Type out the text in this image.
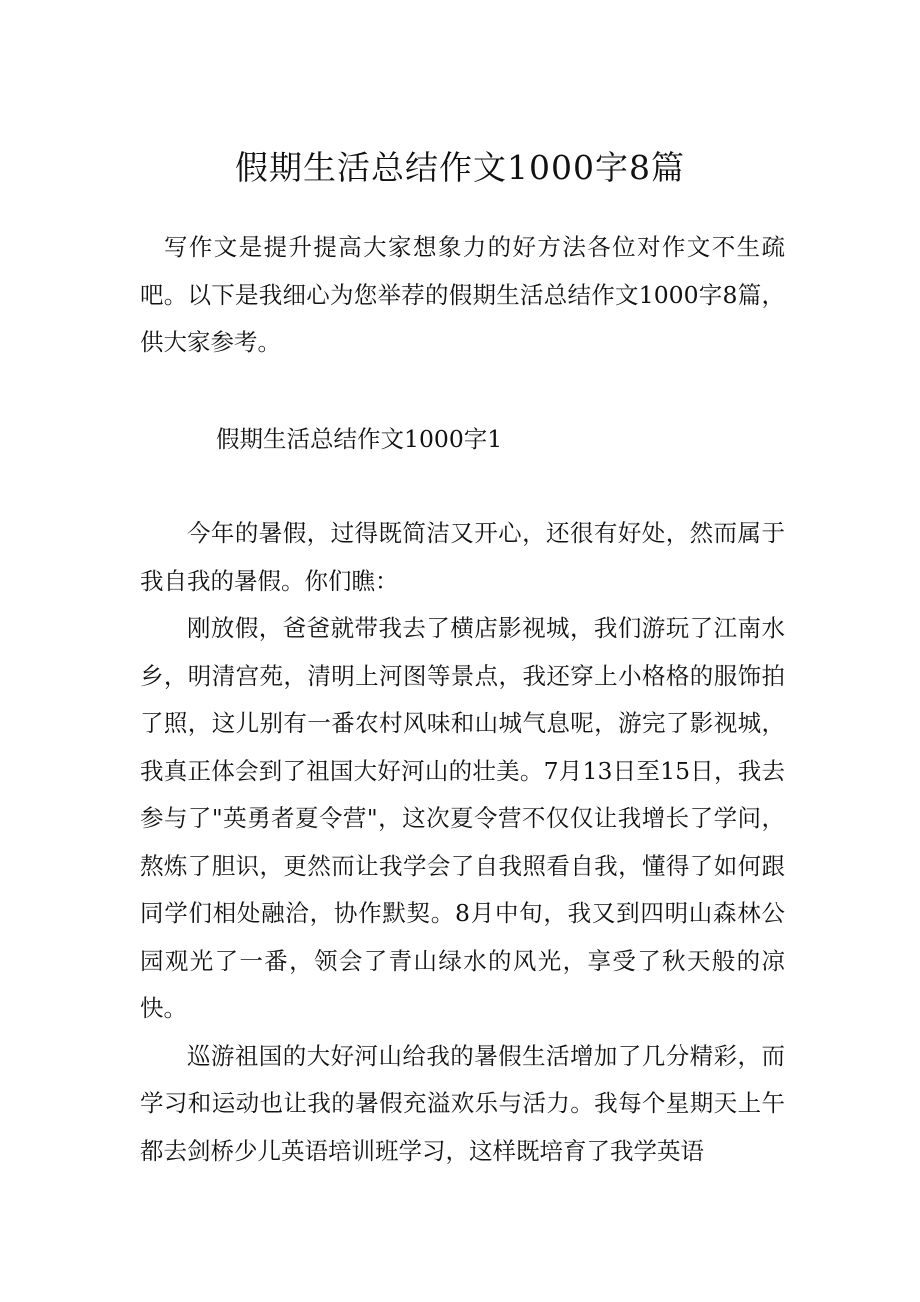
假期生活总结作文1000字8篇

写作文是提升提高大家想象力的好方法各位对作文不生疏吧。以下是我细心为您举荐的假期生活总结作文1000字8篇，供大家参考。

假期生活总结作文1000字1

今年的暑假，过得既简洁又开心，还很有好处，然而属于我自我的暑假。你们瞧：

刚放假，爸爸就带我去了横店影视城，我们游玩了江南水乡，明清宫苑，清明上河图等景点，我还穿上小格格的服饰拍了照，这儿别有一番农村风味和山城气息呢，游完了影视城，我真正体会到了祖国大好河山的壮美。7月13日至15日，我去参与了"英勇者夏令营"，这次夏令营不仅仅让我增长了学问，熬炼了胆识，更然而让我学会了自我照看自我，懂得了如何跟同学们相处融洽，协作默契。8月中旬，我又到四明山森林公园观光了一番，领会了青山绿水的风光，享受了秋天般的凉快。

巡游祖国的大好河山给我的暑假生活增加了几分精彩，而学习和运动也让我的暑假充溢欢乐与活力。我每个星期天上午都去剑桥少儿英语培训班学习，这样既培育了我学英语
